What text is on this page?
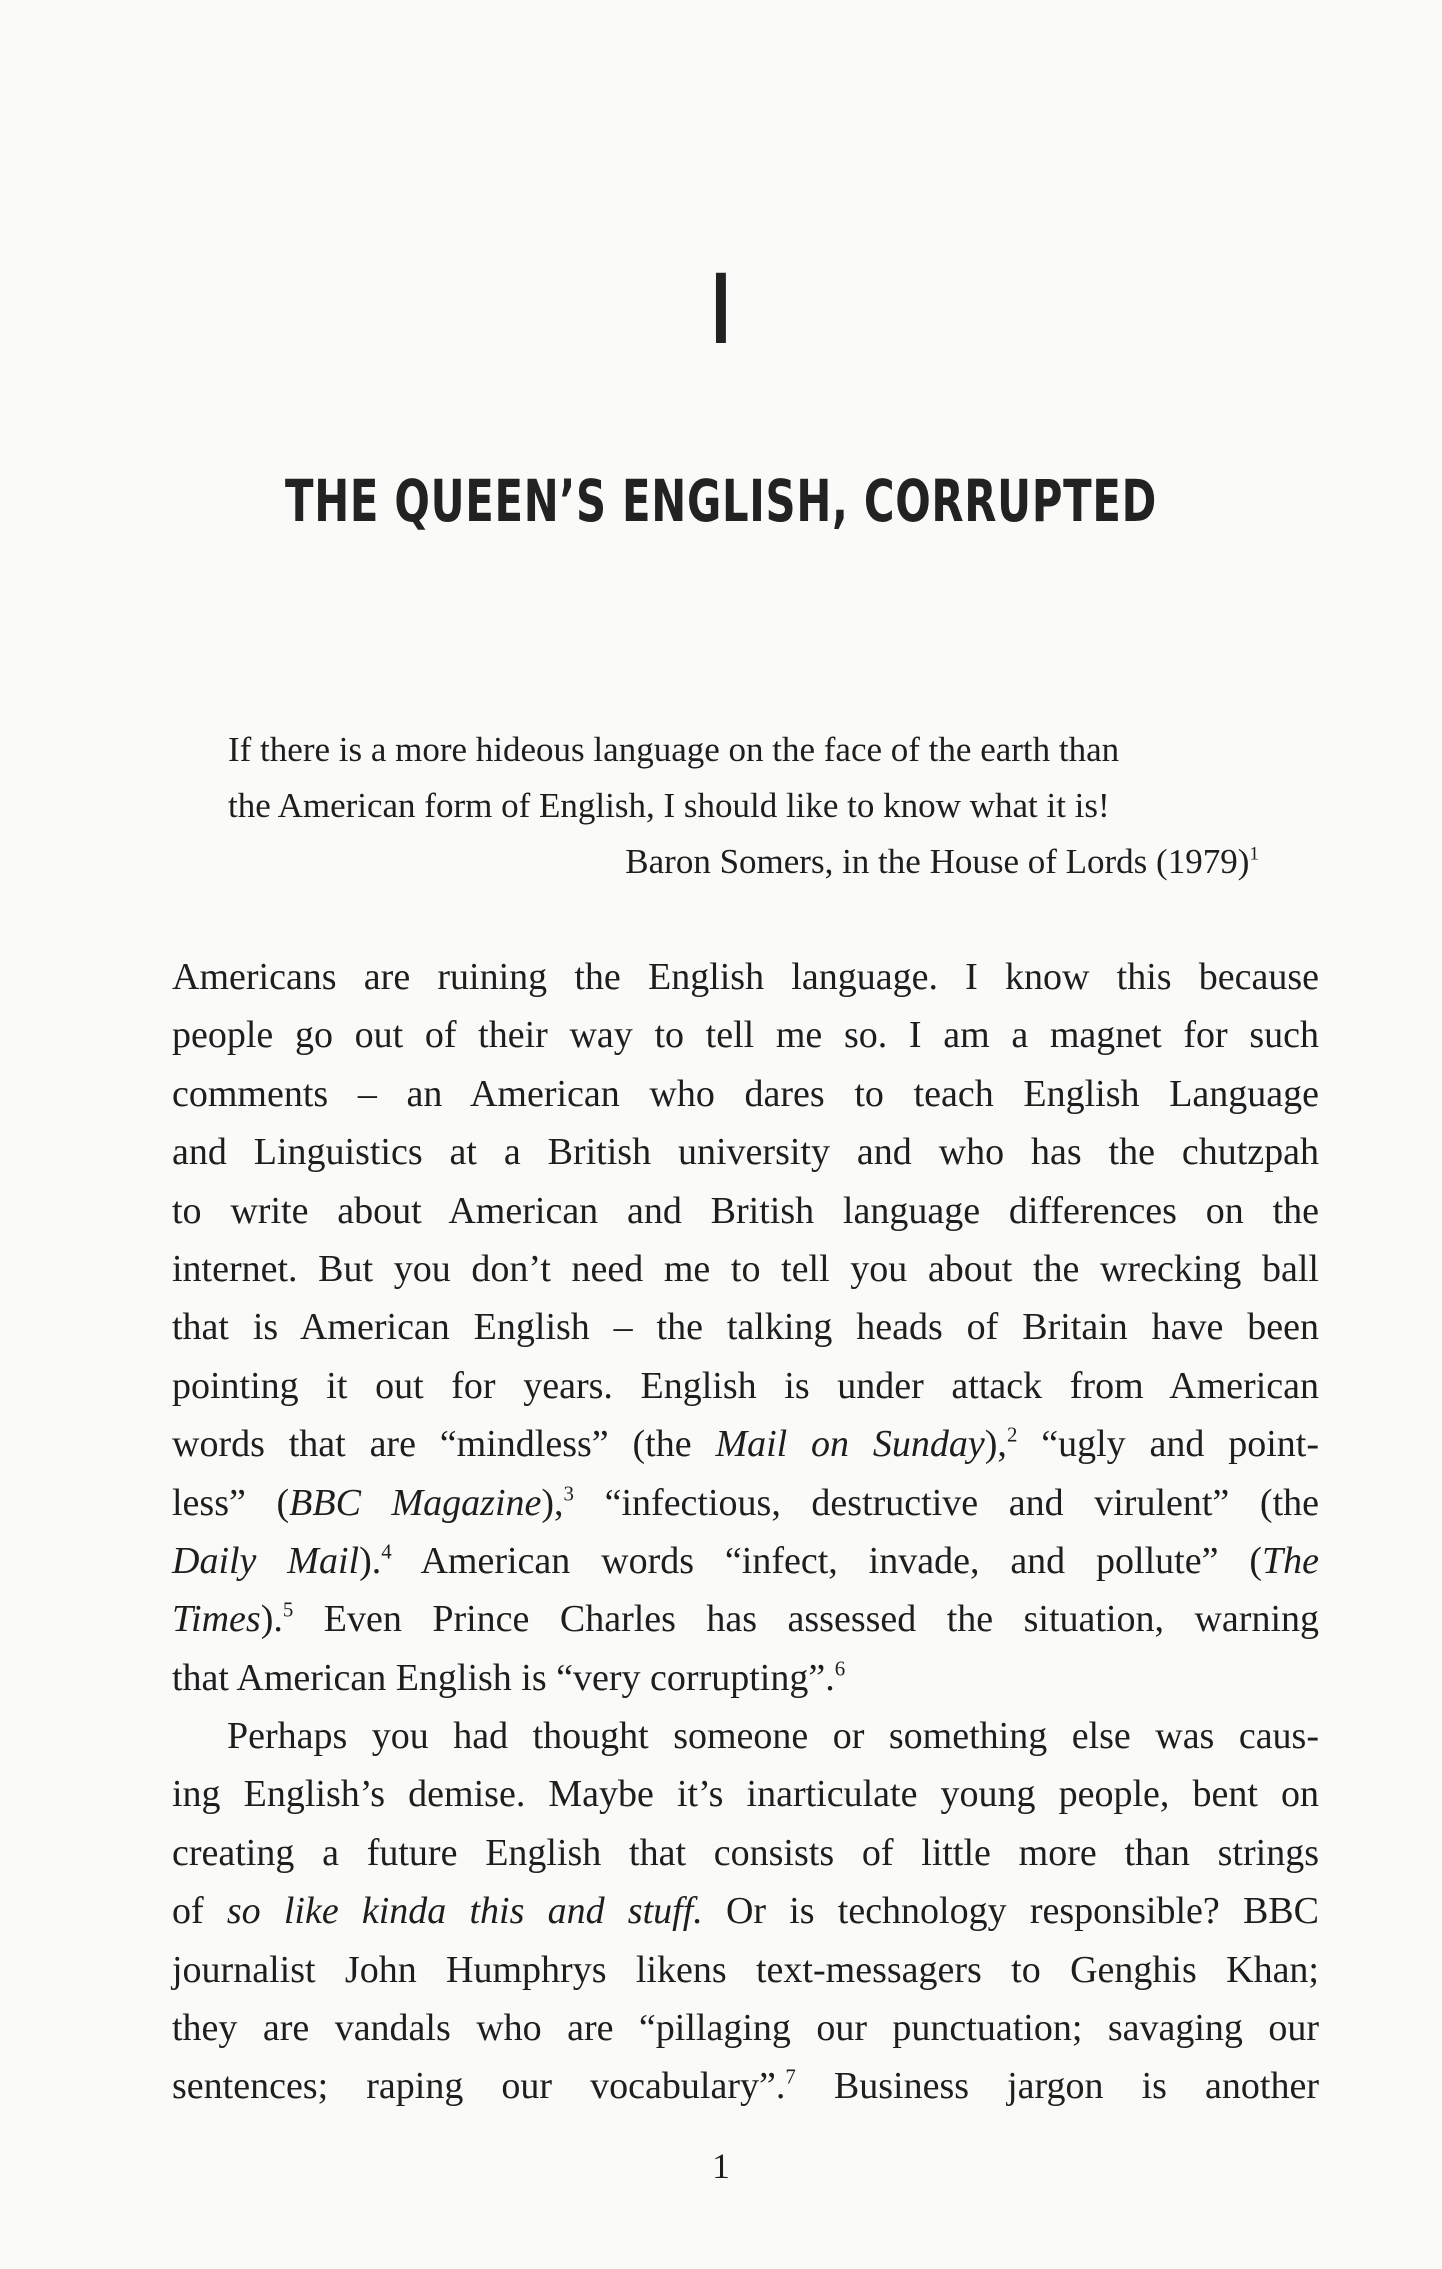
I
THE QUEEN’S ENGLISH, CORRUPTED
If there is a more hideous language on the face of the earth than
the American form of English, I should like to know what it is!
Baron Somers, in the House of Lords $(1979)^1$
Americans are ruining the English language. I know this because
people go out of their way to tell me so. I am a magnet for such
comments – an American who dares to teach English Language
and Linguistics at a British university and who has the chutzpah
to write about American and British language differences on the
internet. But you don’t need me to tell you about the wrecking ball
that is American English – the talking heads of Britain have been
pointing it out for years. English is under attack from American
words that are “mindless” (the Mail on Sunday),$^2$ “ugly and point-
less” (BBC Magazine),$^3$ “infectious, destructive and virulent” (the
Daily Mail).$^4$ American words “infect, invade, and pollute” (The
Times).$^5$ Even Prince Charles has assessed the situation, warning
that American English is “very corrupting”.$^6$
Perhaps you had thought someone or something else was caus-
ing English’s demise. Maybe it’s inarticulate young people, bent on
creating a future English that consists of little more than strings
of so like kinda this and stuff. Or is technology responsible? BBC
journalist John Humphrys likens text-messagers to Genghis Khan;
they are vandals who are “pillaging our punctuation; savaging our
sentences; raping our vocabulary”.$^7$ Business jargon is another
1
